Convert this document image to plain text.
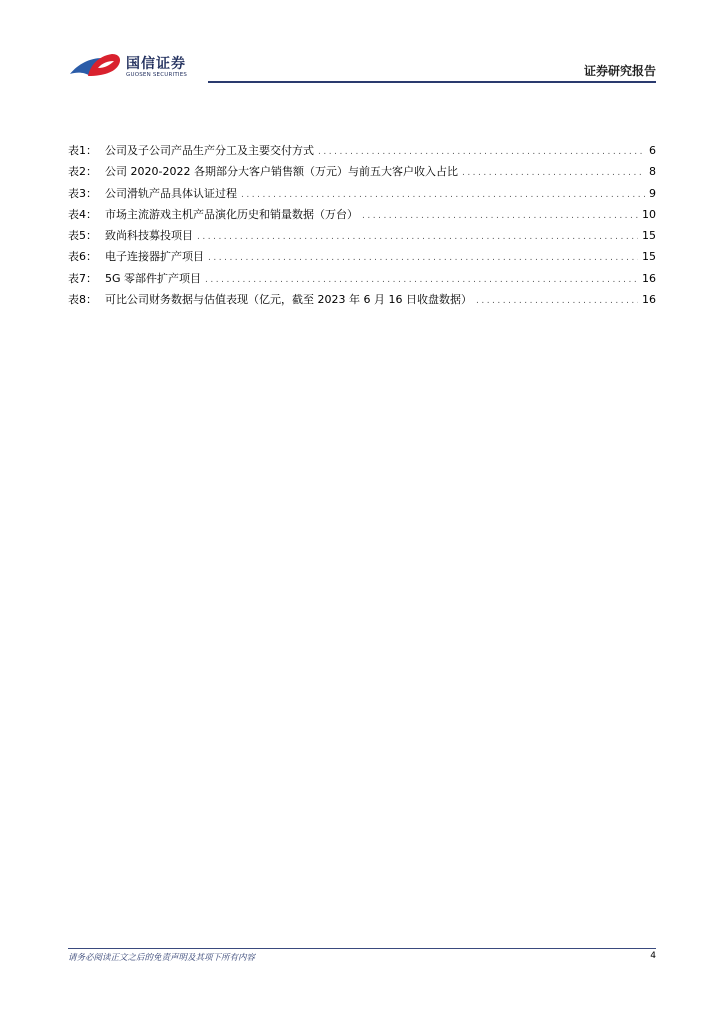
国信证券
GUOSEN SECURITIES	证券研究报告
表1： 公司及子公司产品生产分工及主要交付方式 .....	6
表2： 公司 2020-2022 各期部分大客户销售额（万元）与前五大客户收入占比 .....	8
表3： 公司滑轨产品具体认证过程 .....	9
表4： 市场主流游戏主机产品演化历史和销量数据（万台） .....	10
表5： 致尚科技募投项目 .....	15
表6： 电子连接器扩产项目 .....	15
表7： 5G 零部件扩产项目 .....	16
表8： 可比公司财务数据与估值表现（亿元，截至 2023 年 6 月 16 日收盘数据） .....	16
请务必阅读正文之后的免责声明及其项下所有内容	4
